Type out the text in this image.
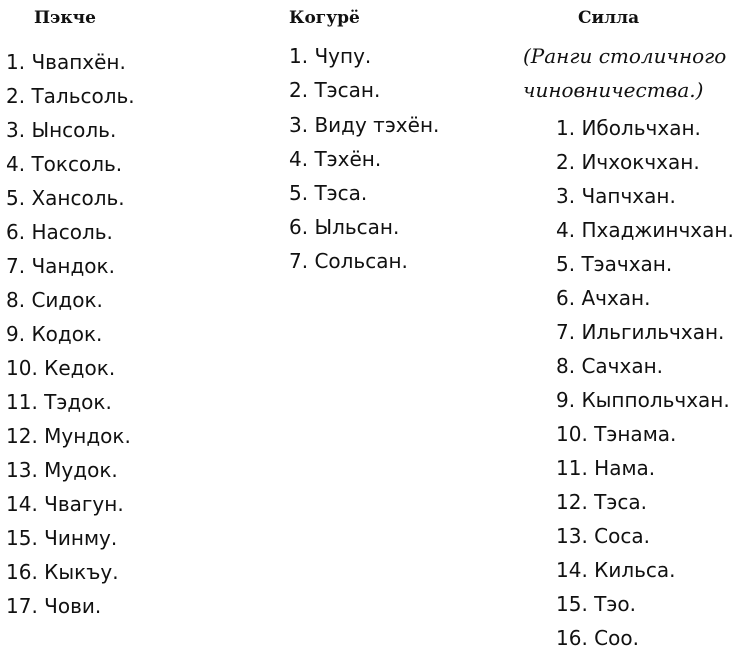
Пэкче
1. Чвапхён.
2. Тальсоль.
3. Ынсоль.
4. Токсоль.
5. Хансоль.
6. Насоль.
7. Чандок.
8. Сидок.
9. Кодок.
10. Кедок.
11. Тэдок.
12. Мундок.
13. Мудок.
14. Чвагун.
15. Чинму.
16. Кыкъу.
17. Чови.
Когурё
1. Чупу.
2. Тэсан.
3. Виду тэхён.
4. Тэхён.
5. Тэса.
6. Ыльсан.
7. Сольсан.
Силла
(Ранги столичного
чиновничества.)
1. Ибольчхан.
2. Ичхокчхан.
3. Чапчхан.
4. Пхаджинчхан.
5. Тэачхан.
6. Ачхан.
7. Ильгильчхан.
8. Сачхан.
9. Кыппольчхан.
10. Тэнама.
11. Нама.
12. Тэса.
13. Соса.
14. Кильса.
15. Тэо.
16. Соо.
